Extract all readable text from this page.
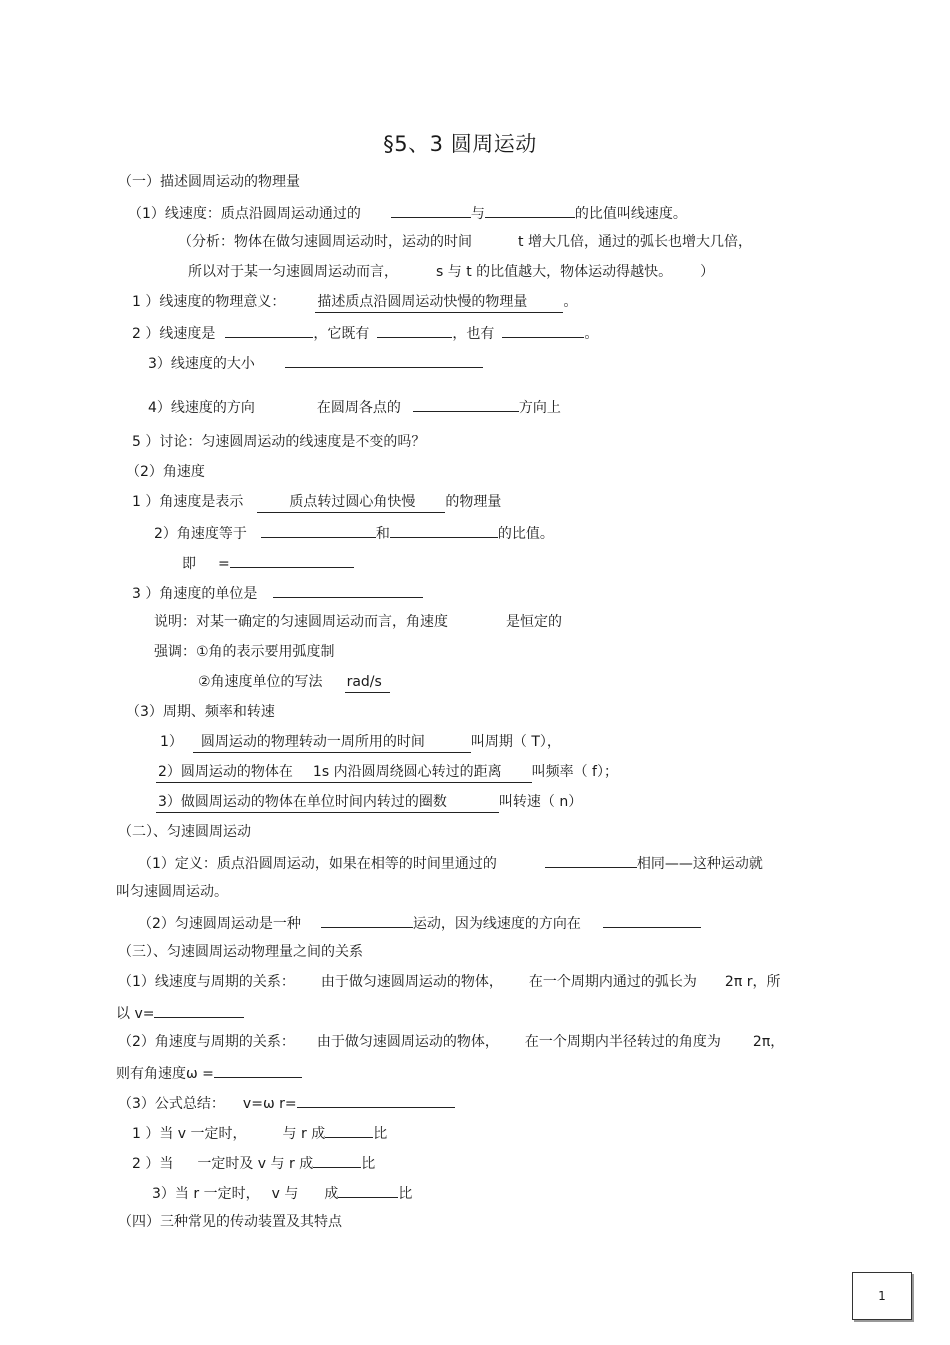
§5、3 圆周运动
（一）描述圆周运动的物理量
（1）线速度：质点沿圆周运动通过的	与	的比值叫线速度。
（分析：物体在做匀速圆周运动时，运动的时间	t 增大几倍，通过的弧长也增大几倍，
所以对于某一匀速圆周运动而言，	s 与 t 的比值越大，物体运动得越快。 ）
1 ）线速度的物理意义： 描述质点沿圆周运动快慢的物理量	。
2 ）线速度是	，它既有	，也有	。
3）线速度的大小
4）线速度的方向	在圆周各点的	方向上
5 ）讨论：匀速圆周运动的线速度是不变的吗？
（2）角速度
1 ）角速度是表示	质点转过圆心角快慢 的物理量
2）角速度等于	和	的比值。
即 =
3 ）角速度的单位是
说明：对某一确定的匀速圆周运动而言，角速度	是恒定的
强调：①角的表示要用弧度制
②角速度单位的写法 rad/s
（3）周期、频率和转速
1） 圆周运动的物理转动一周所用的时间	叫周期（ T），
2）圆周运动的物体在 1s 内沿圆周绕圆心转过的距离 叫频率（ f）；
3）做圆周运动的物体在单位时间内转过的圈数	叫转速（ n）
（二）、匀速圆周运动
（1）定义：质点沿圆周运动，如果在相等的时间里通过的	相同——这种运动就
叫匀速圆周运动。
（2）匀速圆周运动是一种	运动，因为线速度的方向在
（三）、匀速圆周运动物理量之间的关系
（1）线速度与周期的关系： 由于做匀速圆周运动的物体， 在一个周期内通过的弧长为 2π r，所
以 v=
（2）角速度与周期的关系： 由于做匀速圆周运动的物体， 在一个周期内半径转过的角度为 2π，
则有角速度ω =
（3）公式总结： v=ω r=
1 ）当 v 一定时，	与 r 成	比
2 ）当 一定时及 v 与 r 成	比
3）当 r 一定时， v 与 成	比
（四）三种常见的传动装置及其特点
1
